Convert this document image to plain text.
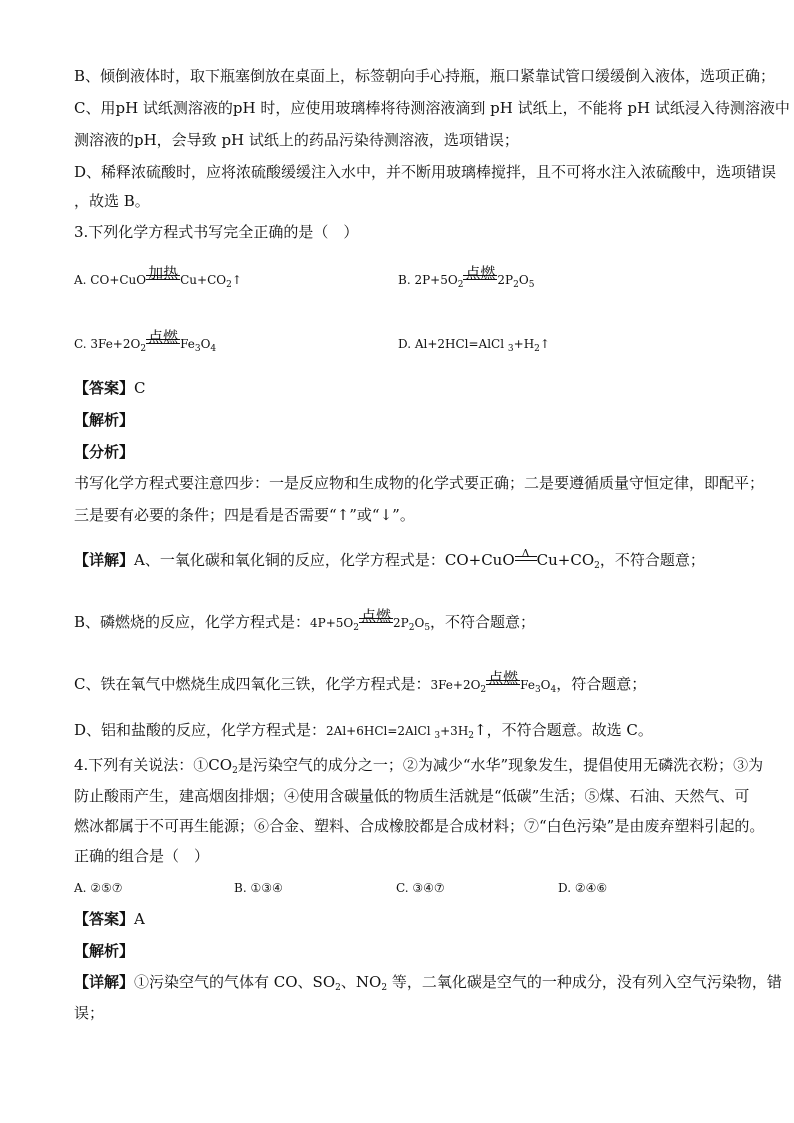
B、倾倒液体时，取下瓶塞倒放在桌面上，标签朝向手心持瓶，瓶口紧靠试管口缓缓倒入液体，选项正确；
C、用pH 试纸测溶液的pH 时，应使用玻璃棒将待测溶液滴到 pH 试纸上，不能将 pH 试纸浸入待测溶液中
测溶液的pH，会导致 pH 试纸上的药品污染待测溶液，选项错误；
D、稀释浓硫酸时，应将浓硫酸缓缓注入水中，并不断用玻璃棒搅拌，且不可将水注入浓硫酸中，选项错误
，故选 B。
3.下列化学方程式书写完全正确的是（　）
A. CO+CuO 加热 $Cu+CO_2↑$	B. $2P+5O_2$
点燃 $2P_2O_5$
C. $3Fe+2O_2$
点燃 $Fe_3O_4$	D. Al+2HCl=AlCl $_3+H_2↑$
【答案】C
【解析】
【分析】
书写化学方程式要注意四步：一是反应物和生成物的化学式要正确；二是要遵循质量守恒定律，即配平；
三是要有必要的条件；四是看是否需要“↑”或“↓”。
【详解】A、一氧化碳和氧化铜的反应，化学方程式是：CO+CuO Δ $Cu+CO_2$，不符合题意；
B、磷燃烧的反应，化学方程式是：$4P+5O_2$
点燃 $2P_2O_5$，不符合题意；
C、铁在氧气中燃烧生成四氧化三铁，化学方程式是：$3Fe+2O_2$
点燃 $Fe_3O_4$，符合题意；
D、铝和盐酸的反应，化学方程式是：2Al+6HCl=2AlCl $_3+3H_2↑$，不符合题意。故选 C。
4.下列有关说法：$①CO_2$是污染空气的成分之一；②为减少“水华”现象发生，提倡使用无磷洗衣粉；③为
防止酸雨产生，建高烟囱排烟；④使用含碳量低的物质生活就是“低碳”生活；⑤煤、石油、天然气、可
燃冰都属于不可再生能源；⑥合金、塑料、合成橡胶都是合成材料；⑦“白色污染”是由废弃塑料引起的。
正确的组合是（　）
A. ②⑤⑦	B. ①③④	C. ③④⑦	D. ②④⑥
【答案】A
【解析】
【详解】①污染空气的气体有 CO、$SO_2$、$NO_2$ 等，二氧化碳是空气的一种成分，没有列入空气污染物，错
误；
